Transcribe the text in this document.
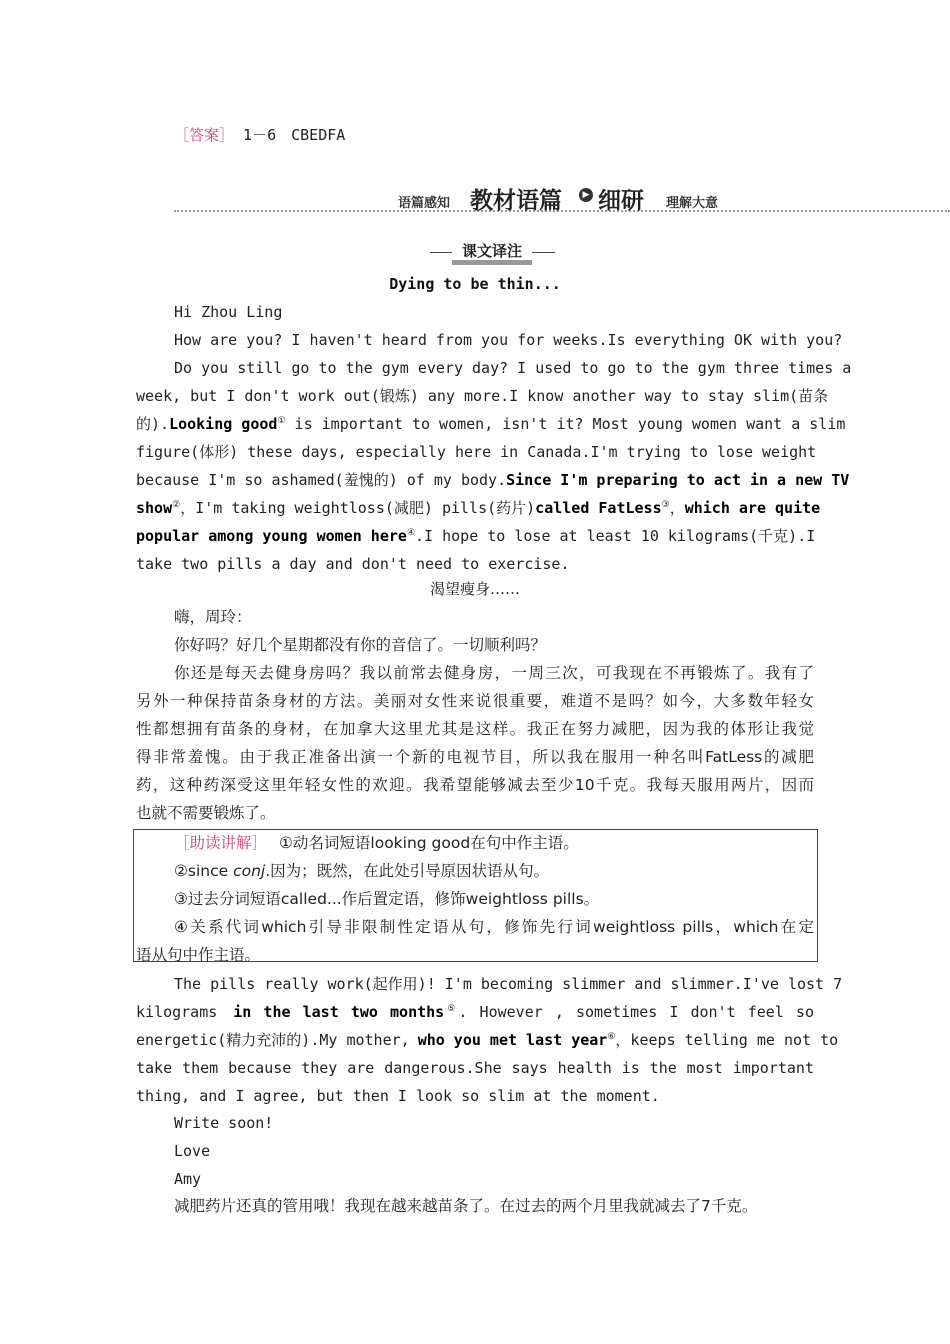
［答案］ 1－6　CBEDFA
语篇感知 教材语篇	▶ 细研 理解大意
课文译注
Dying to be thin...
Hi Zhou Ling
How are you? I haven't heard from you for weeks.Is everything OK with you?
Do you still go to the gym every day? I used to go to the gym three times a
week, but I don't work out(锻炼) any more.I know another way to stay slim(苗条
的).Looking good① is important to women, isn't it? Most young women want a slim
figure(体形) these days, especially here in Canada.I'm trying to lose weight
because I'm so ashamed(羞愧的) of my body.Since I'm preparing to act in a new TV
show②，I'm taking weightloss(减肥) pills(药片)called FatLess③，which are quite
popular among young women here④.I hope to lose at least 10 kilograms(千克).I
take two pills a day and don't need to exercise.
渴望瘦身……
嗨，周玲：
你好吗？好几个星期都没有你的音信了。一切顺利吗？
你还是每天去健身房吗？我以前常去健身房，一周三次，可我现在不再锻炼了。我有了
另外一种保持苗条身材的方法。美丽对女性来说很重要，难道不是吗？如今，大多数年轻女
性都想拥有苗条的身材，在加拿大这里尤其是这样。我正在努力减肥，因为我的体形让我觉
得非常羞愧。由于我正准备出演一个新的电视节目，所以我在服用一种名叫FatLess的减肥
药，这种药深受这里年轻女性的欢迎。我希望能够减去至少10千克。我每天服用两片，因而
也就不需要锻炼了。
［助读讲解］ ①动名词短语looking good在句中作主语。
②since conj.因为；既然，在此处引导原因状语从句。
③过去分词短语called...作后置定语，修饰weightloss pills。
④关系代词which引导非限制性定语从句，修饰先行词weightloss pills，which在定
语从句中作主语。
The pills really work(起作用)! I'm becoming slimmer and slimmer.I've lost 7
kilograms in the last two months⑤. However , sometimes I don't feel so
energetic(精力充沛的).My mother, who you met last year⑥，keeps telling me not to
take them because they are dangerous.She says health is the most important
thing, and I agree, but then I look so slim at the moment.
Write soon!
Love
Amy
减肥药片还真的管用哦！我现在越来越苗条了。在过去的两个月里我就减去了7千克。
